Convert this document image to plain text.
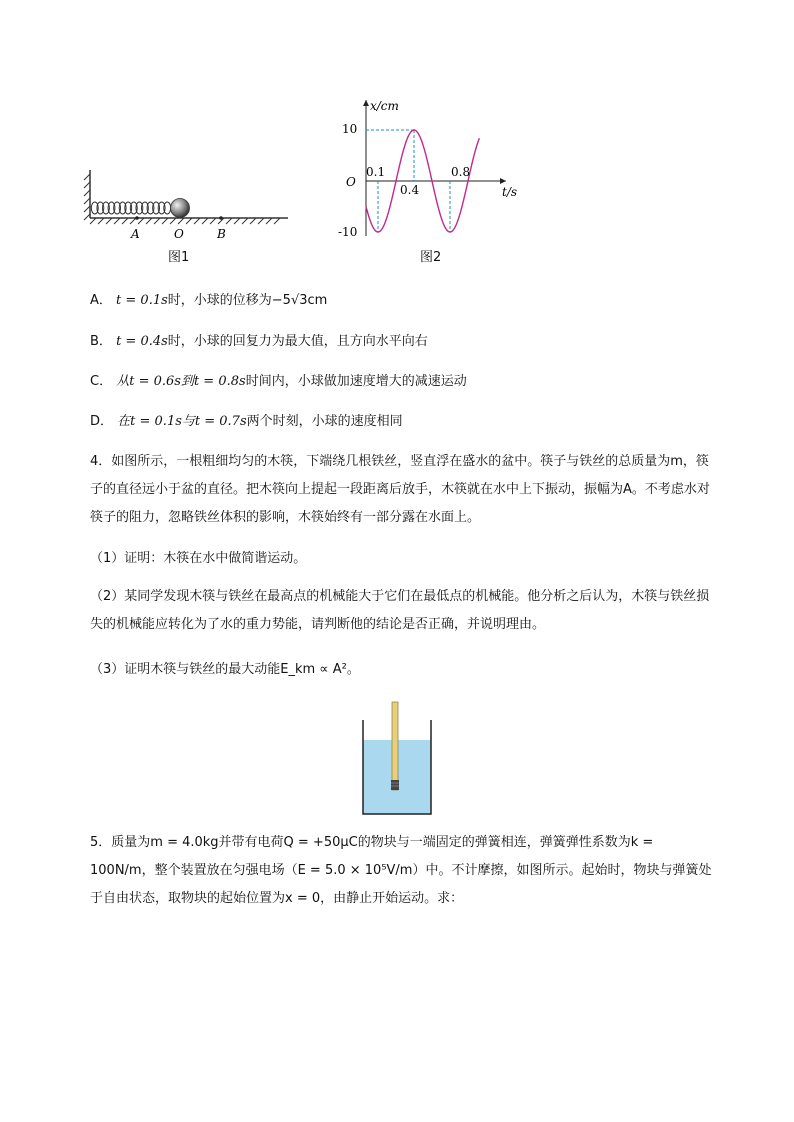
A	O	B
图1
x/cm
t/s
O
10
-10
0.1
0.4
0.8
图2
A． t = 0.1s时，小球的位移为−5√3cm
B． t = 0.4s时，小球的回复力为最大值，且方向水平向右
C． 从t = 0.6s到t = 0.8s时间内，小球做加速度增大的减速运动
D． 在t = 0.1s与t = 0.7s两个时刻，小球的速度相同
4．如图所示，一根粗细均匀的木筷，下端绕几根铁丝，竖直浮在盛水的盆中。筷子与铁丝的总质量为m，筷子的直径远小于盆的直径。把木筷向上提起一段距离后放手，木筷就在水中上下振动，振幅为A。不考虑水对筷子的阻力，忽略铁丝体积的影响，木筷始终有一部分露在水面上。
（1）证明：木筷在水中做简谐运动。
（2）某同学发现木筷与铁丝在最高点的机械能大于它们在最低点的机械能。他分析之后认为，木筷与铁丝损失的机械能应转化为了水的重力势能，请判断他的结论是否正确，并说明理由。
（3）证明木筷与铁丝的最大动能E_km ∝ A²。
5．质量为m = 4.0kg并带有电荷Q = +50μC的物块与一端固定的弹簧相连，弹簧弹性系数为k = 100N/m，整个装置放在匀强电场（E = 5.0 × 10⁵V/m）中。不计摩擦，如图所示。起始时，物块与弹簧处于自由状态，取物块的起始位置为x = 0，由静止开始运动。求：
